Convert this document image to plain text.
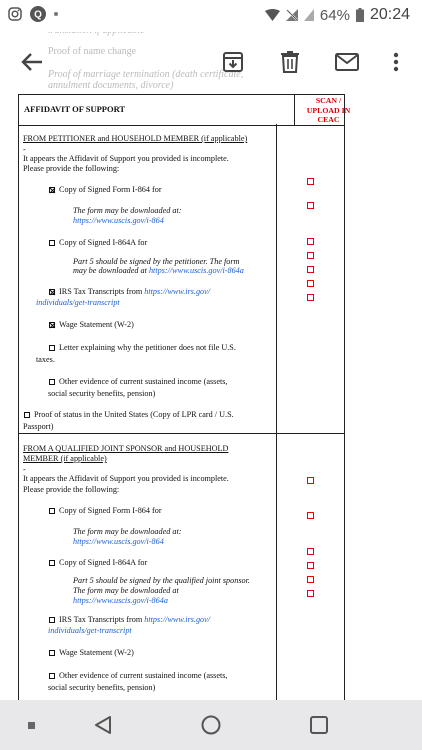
Proof of name change
Proof of marriage termination (death certificate,
annulment documents, divorce)
AFFIDAVIT OF SUPPORT
SCAN /
UPLOAD IN
CEAC
FROM PETITIONER and HOUSEHOLD MEMBER (if applicable)
-
It appears the Affidavit of Support you provided is incomplete.
Please provide the following:
Copy of Signed Form I-864 for
The form may be downloaded at:
https://www.uscis.gov/i-864
Copy of Signed I-864A for
Part 5 should be signed by the petitioner. The form
may be downloaded at https://www.uscis.gov/i-864a
IRS Tax Transcripts from https://www.irs.gov/
individuals/get-transcript
Wage Statement (W-2)
Letter explaining why the petitioner does not file U.S.
taxes.
Other evidence of current sustained income (assets,
social security benefits, pension)
Proof of status in the United States (Copy of LPR card / U.S.
Passport)
FROM A QUALIFIED JOINT SPONSOR and HOUSEHOLD
MEMBER (if applicable)
-
It appears the Affidavit of Support you provided is incomplete.
Please provide the following:
Copy of Signed Form I-864 for
The form may be downloaded at:
https://www.uscis.gov/i-864
Copy of Signed I-864A for
Part 5 should be signed by the qualified joint sponsor.
The form may be downloaded at
https://www.uscis.gov/i-864a
IRS Tax Transcripts from https://www.irs.gov/
individuals/get-transcript
Wage Statement (W-2)
Other evidence of current sustained income (assets,
social security benefits, pension)
Q	64% 20:24
